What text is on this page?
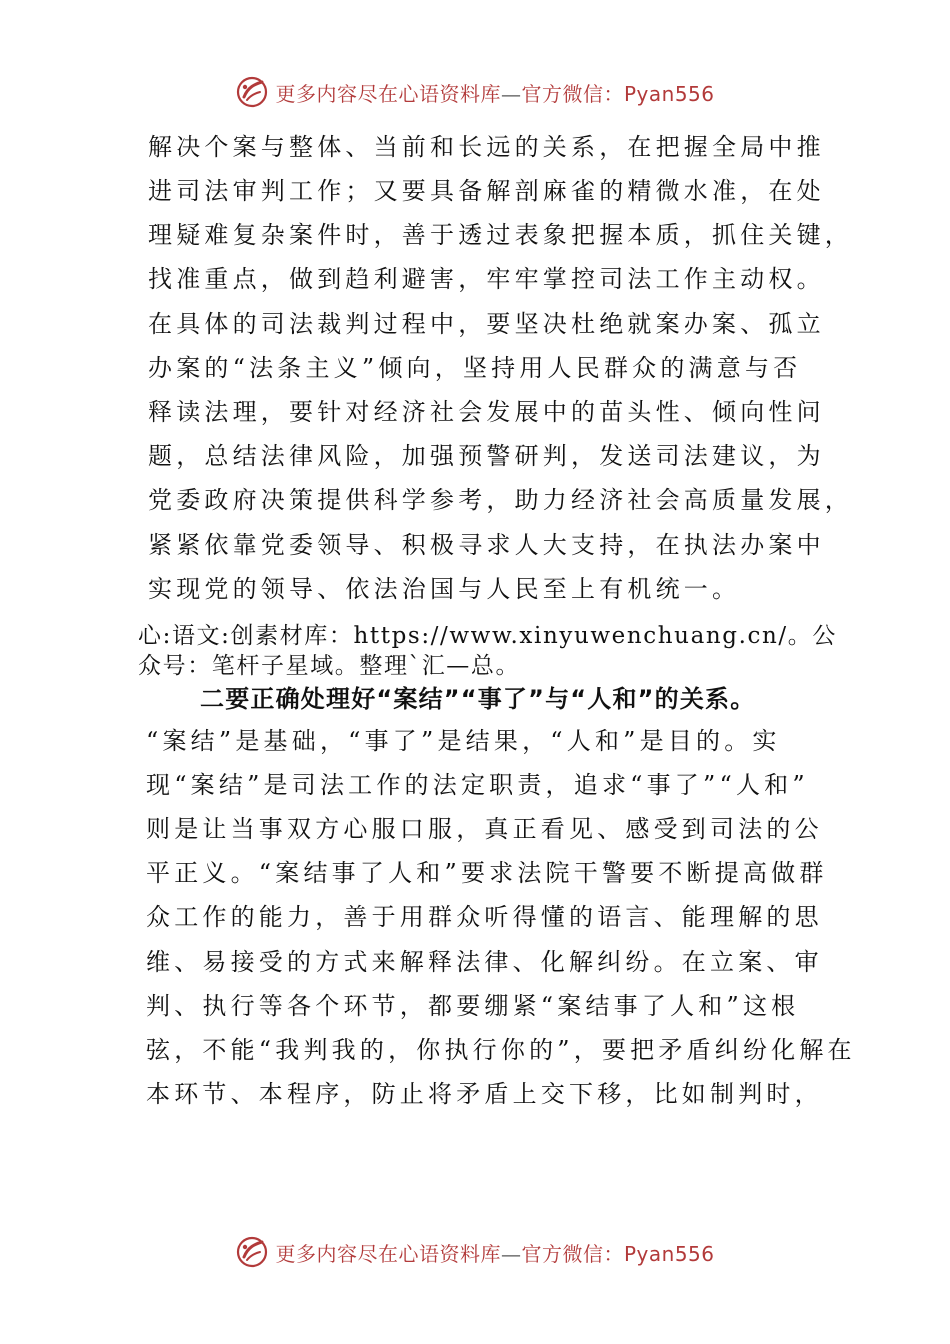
更多内容尽在心语资料库—官方微信：Pyan556
解决个案与整体、当前和长远的关系，在把握全局中推
进司法审判工作；又要具备解剖麻雀的精微水准，在处
理疑难复杂案件时，善于透过表象把握本质，抓住关键，
找准重点，做到趋利避害，牢牢掌控司法工作主动权。
在具体的司法裁判过程中，要坚决杜绝就案办案、孤立
办案的“法条主义”倾向，坚持用人民群众的满意与否
释读法理，要针对经济社会发展中的苗头性、倾向性问
题，总结法律风险，加强预警研判，发送司法建议，为
党委政府决策提供科学参考，助力经济社会高质量发展，
紧紧依靠党委领导、积极寻求人大支持，在执法办案中
实现党的领导、依法治国与人民至上有机统一。
心:语文:创素材库：https://www.xinyuwenchuang.cn/。公
众号：笔杆子星域。整理`汇—总。
二要正确处理好“案结”“事了”与“人和”的关系。
“案结”是基础，“事了”是结果，“人和”是目的。实
现“案结”是司法工作的法定职责，追求“事了”“人和”
则是让当事双方心服口服，真正看见、感受到司法的公
平正义。“案结事了人和”要求法院干警要不断提高做群
众工作的能力，善于用群众听得懂的语言、能理解的思
维、易接受的方式来解释法律、化解纠纷。在立案、审
判、执行等各个环节，都要绷紧“案结事了人和”这根
弦，不能“我判我的，你执行你的”，要把矛盾纠纷化解在
本环节、本程序，防止将矛盾上交下移，比如制判时，
更多内容尽在心语资料库—官方微信：Pyan556
